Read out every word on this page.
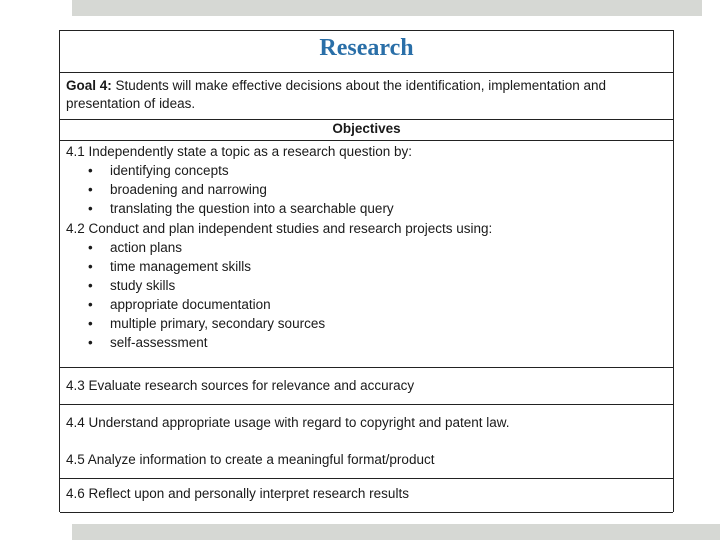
Research
Goal 4: Students will make effective decisions about the identification, implementation and presentation of ideas.
Objectives
4.1 Independently state a topic as a research question by:
• identifying concepts
• broadening and narrowing
• translating the question into a searchable query
4.2 Conduct and plan independent studies and research projects using:
• action plans
• time management skills
• study skills
• appropriate documentation
• multiple primary, secondary sources
• self-assessment
4.3 Evaluate research sources for relevance and accuracy
4.4 Understand appropriate usage with regard to copyright and patent law.
4.5 Analyze information to create a meaningful format/product
4.6 Reflect upon and personally interpret research results
